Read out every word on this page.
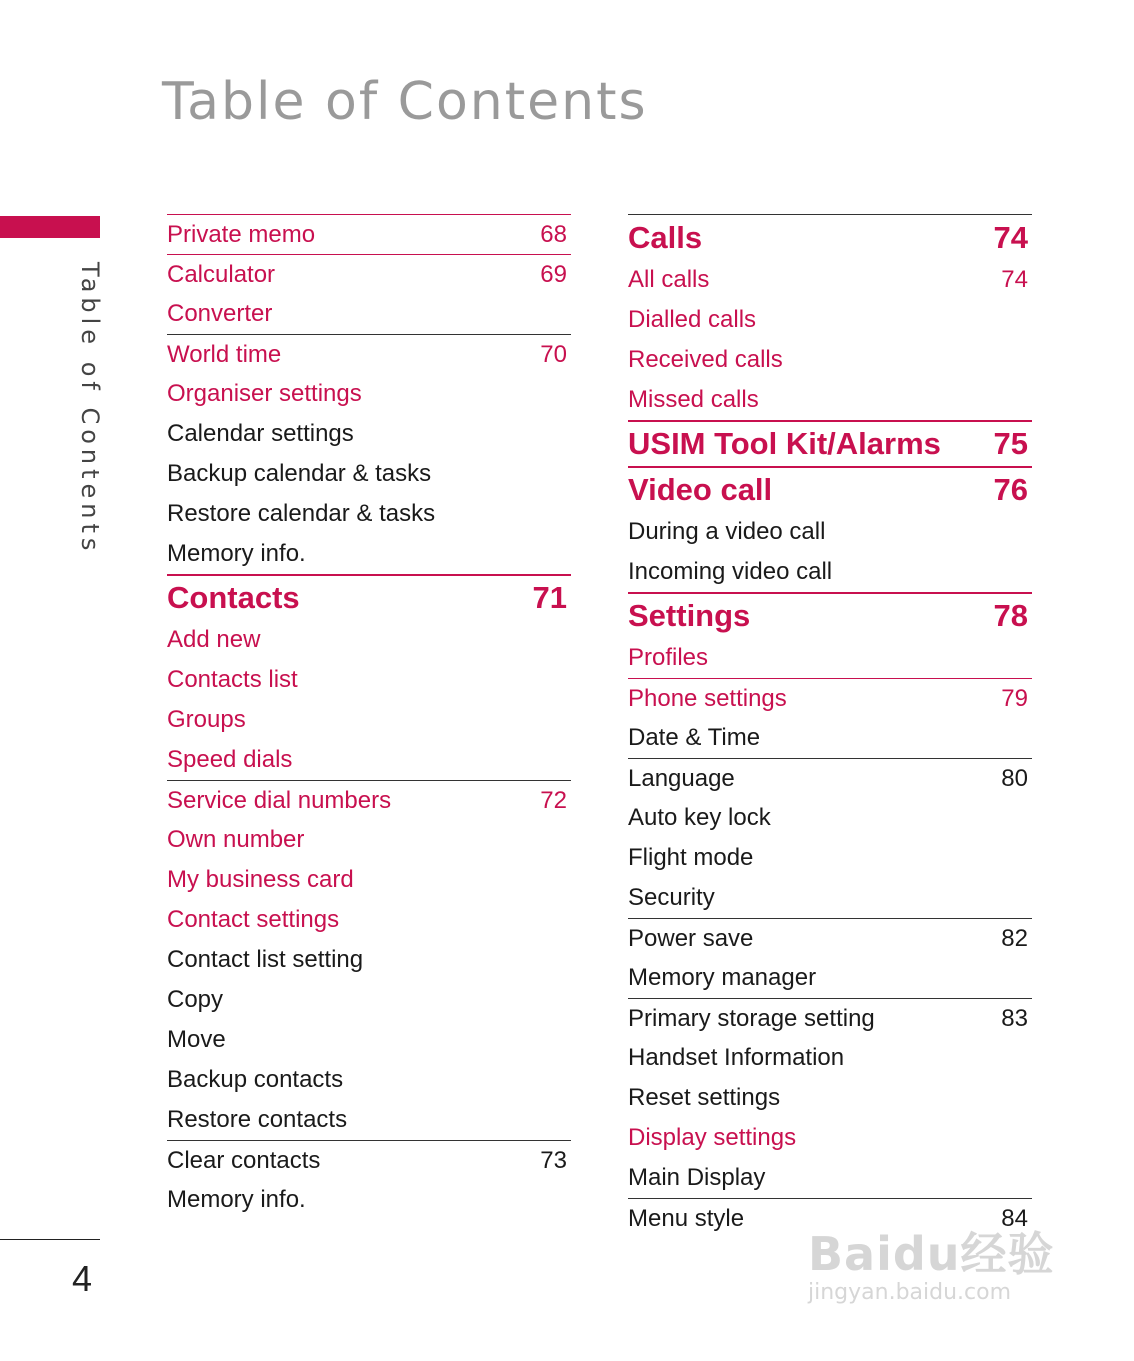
Table of Contents
Table of Contents
Private memo	68
Calculator	69
Converter
World time	70
Organiser settings
Calendar settings
Backup calendar & tasks
Restore calendar & tasks
Memory info.
Contacts	71
Add new
Contacts list
Groups
Speed dials
Service dial numbers	72
Own number
My business card
Contact settings
Contact list setting
Copy
Move
Backup contacts
Restore contacts
Clear contacts	73
Memory info.
Calls	74
All calls	74
Dialled calls
Received calls
Missed calls
USIM Tool Kit/Alarms 75
Video call	76
During a video call
Incoming video call
Settings	78
Profiles
Phone settings	79
Date & Time
Language	80
Auto key lock
Flight mode
Security
Power save	82
Memory manager
Primary storage setting	83
Handset Information
Reset settings
Display settings
Main Display
Menu style	84
4	Baidu经验
jingyan.baidu.com
